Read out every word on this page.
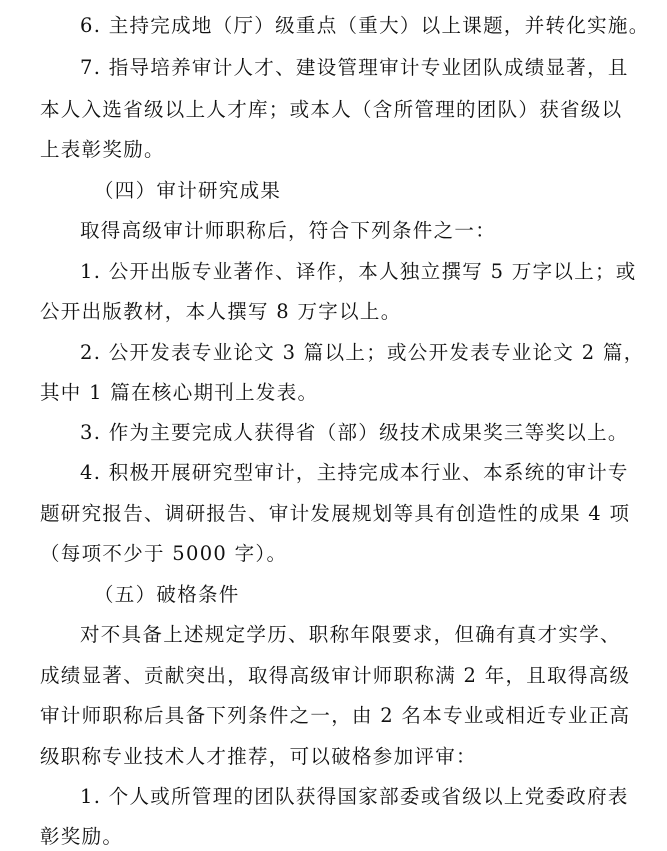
6. 主持完成地（厅）级重点（重大）以上课题，并转化实施。
7. 指导培养审计人才、建设管理审计专业团队成绩显著，且
本人入选省级以上人才库；或本人（含所管理的团队）获省级以
上表彰奖励。
（四）审计研究成果
取得高级审计师职称后，符合下列条件之一：
1. 公开出版专业著作、译作，本人独立撰写 5 万字以上；或
公开出版教材，本人撰写 8 万字以上。
2. 公开发表专业论文 3 篇以上；或公开发表专业论文 2 篇，
其中 1 篇在核心期刊上发表。
3. 作为主要完成人获得省（部）级技术成果奖三等奖以上。
4. 积极开展研究型审计，主持完成本行业、本系统的审计专
题研究报告、调研报告、审计发展规划等具有创造性的成果 4 项
（每项不少于 5000 字）。
（五）破格条件
对不具备上述规定学历、职称年限要求，但确有真才实学、
成绩显著、贡献突出，取得高级审计师职称满 2 年，且取得高级
审计师职称后具备下列条件之一，由 2 名本专业或相近专业正高
级职称专业技术人才推荐，可以破格参加评审：
1. 个人或所管理的团队获得国家部委或省级以上党委政府表
彰奖励。
